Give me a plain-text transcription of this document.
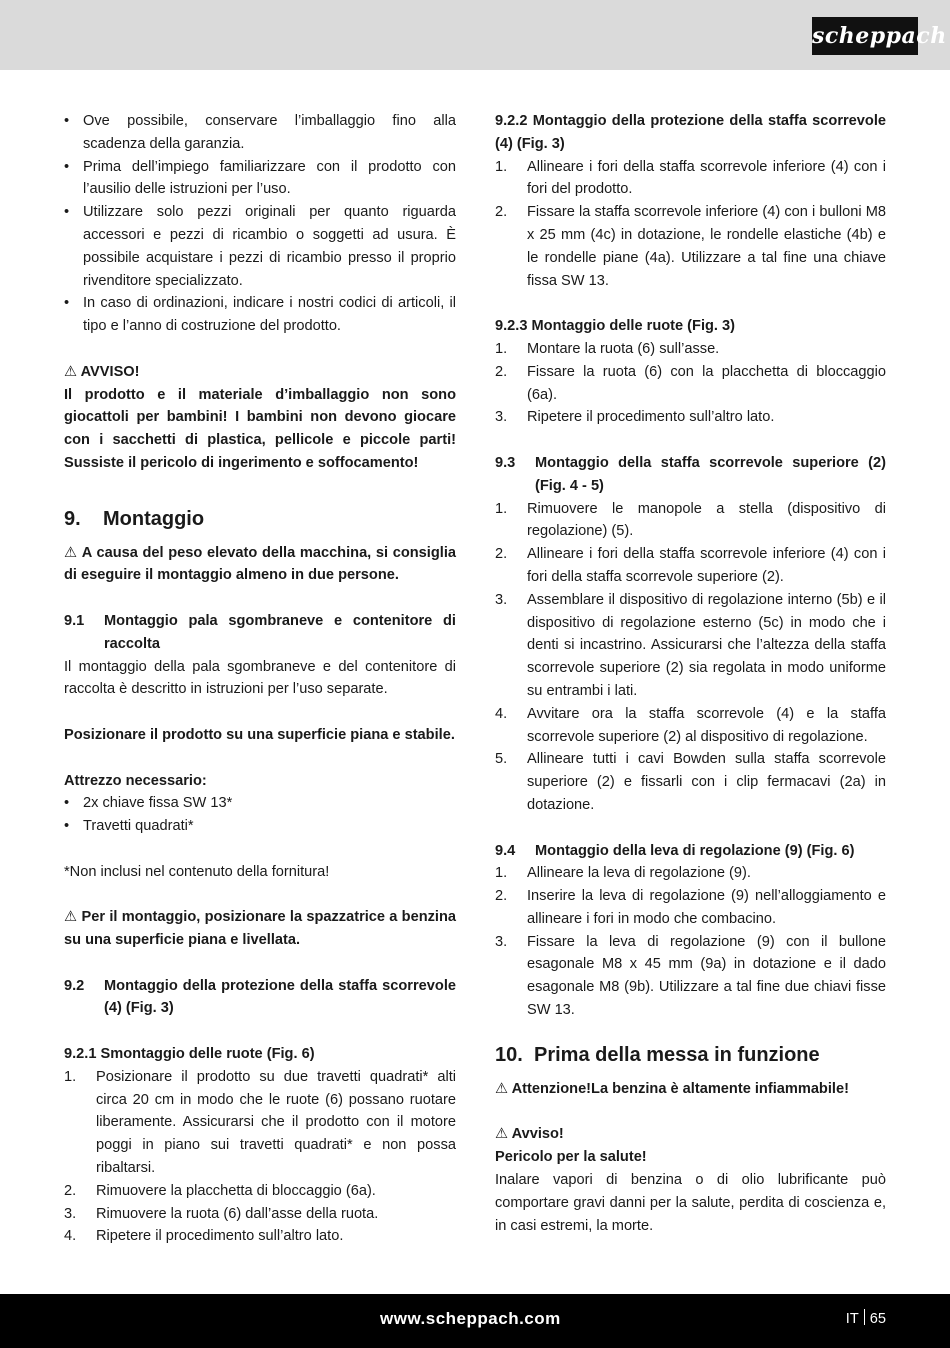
scheppach

• Ove possibile, conservare l’imballaggio fino alla scadenza della garanzia.

• Prima dell’impiego familiarizzare con il prodotto con l’ausilio delle istruzioni per l’uso.

• Utilizzare solo pezzi originali per quanto riguarda accessori e pezzi di ricambio o soggetti ad usura. È possibile acquistare i pezzi di ricambio presso il proprio rivenditore specializzato.

• In caso di ordinazioni, indicare i nostri codici di articoli, il tipo e l’anno di costruzione del prodotto.

⚠ AVVISO!

Il prodotto e il materiale d’imballaggio non sono giocattoli per bambini! I bambini non devono giocare con i sacchetti di plastica, pellicole e piccole parti! Sussiste il pericolo di ingerimento e soffocamento!

9. Montaggio

⚠ A causa del peso elevato della macchina, si consiglia di eseguire il montaggio almeno in due persone.

9.1 Montaggio pala sgombraneve e contenitore di raccolta

Il montaggio della pala sgombraneve e del contenitore di raccolta è descritto in istruzioni per l’uso separate.

Posizionare il prodotto su una superficie piana e stabile.

Attrezzo necessario:

• 2x chiave fissa SW 13*

• Travetti quadrati*

*Non inclusi nel contenuto della fornitura!

⚠ Per il montaggio, posizionare la spazzatrice a benzina su una superficie piana e livellata.

9.2 Montaggio della protezione della staffa scorrevole (4) (Fig. 3)

9.2.1 Smontaggio delle ruote (Fig. 6)

1. Posizionare il prodotto su due travetti quadrati* alti circa 20 cm in modo che le ruote (6) possano ruotare liberamente. Assicurarsi che il prodotto con il motore poggi in piano sui travetti quadrati* e non possa ribaltarsi.
2. Rimuovere la placchetta di bloccaggio (6a).
3. Rimuovere la ruota (6) dall’asse della ruota.
4. Ripetere il procedimento sull’altro lato.

9.2.2 Montaggio della protezione della staffa scorrevole (4) (Fig. 3)

1. Allineare i fori della staffa scorrevole inferiore (4) con i fori del prodotto.
2. Fissare la staffa scorrevole inferiore (4) con i bulloni M8 x 25 mm (4c) in dotazione, le rondelle elastiche (4b) e le rondelle piane (4a). Utilizzare a tal fine una chiave fissa SW 13.

9.2.3 Montaggio delle ruote (Fig. 3)

1. Montare la ruota (6) sull’asse.
2. Fissare la ruota (6) con la placchetta di bloccaggio (6a).
3. Ripetere il procedimento sull’altro lato.
9.3 Montaggio della staffa scorrevole superiore (2) (Fig. 4 - 5)
1. Rimuovere le manopole a stella (dispositivo di regolazione) (5).
2. Allineare i fori della staffa scorrevole inferiore (4) con i fori della staffa scorrevole superiore (2).
3. Assemblare il dispositivo di regolazione interno (5b) e il dispositivo di regolazione esterno (5c) in modo che i denti si incastrino. Assicurarsi che l’altezza della staffa scorrevole superiore (2) sia regolata in modo uniforme su entrambi i lati.
4. Avvitare ora la staffa scorrevole (4) e la staffa scorrevole superiore (2) al dispositivo di regolazione.
5. Allineare tutti i cavi Bowden sulla staffa scorrevole superiore (2) e fissarli con i clip fermacavi (2a) in dotazione.
9.4 Montaggio della leva di regolazione (9) (Fig. 6)
1. Allineare la leva di regolazione (9).
2. Inserire la leva di regolazione (9) nell’alloggiamento e allineare i fori in modo che combacino.
3. Fissare la leva di regolazione (9) con il bullone esagonale M8 x 45 mm (9a) in dotazione e il dado esagonale M8 (9b). Utilizzare a tal fine due chiavi fisse SW 13.
10. Prima della messa in funzione

⚠ Attenzione!La benzina è altamente infiammabile!

⚠ Avviso!

Pericolo per la salute!

Inalare vapori di benzina o di olio lubrificante può comportare gravi danni per la salute, perdita di coscienza e, in casi estremi, la morte.

www.scheppach.com	IT 65
